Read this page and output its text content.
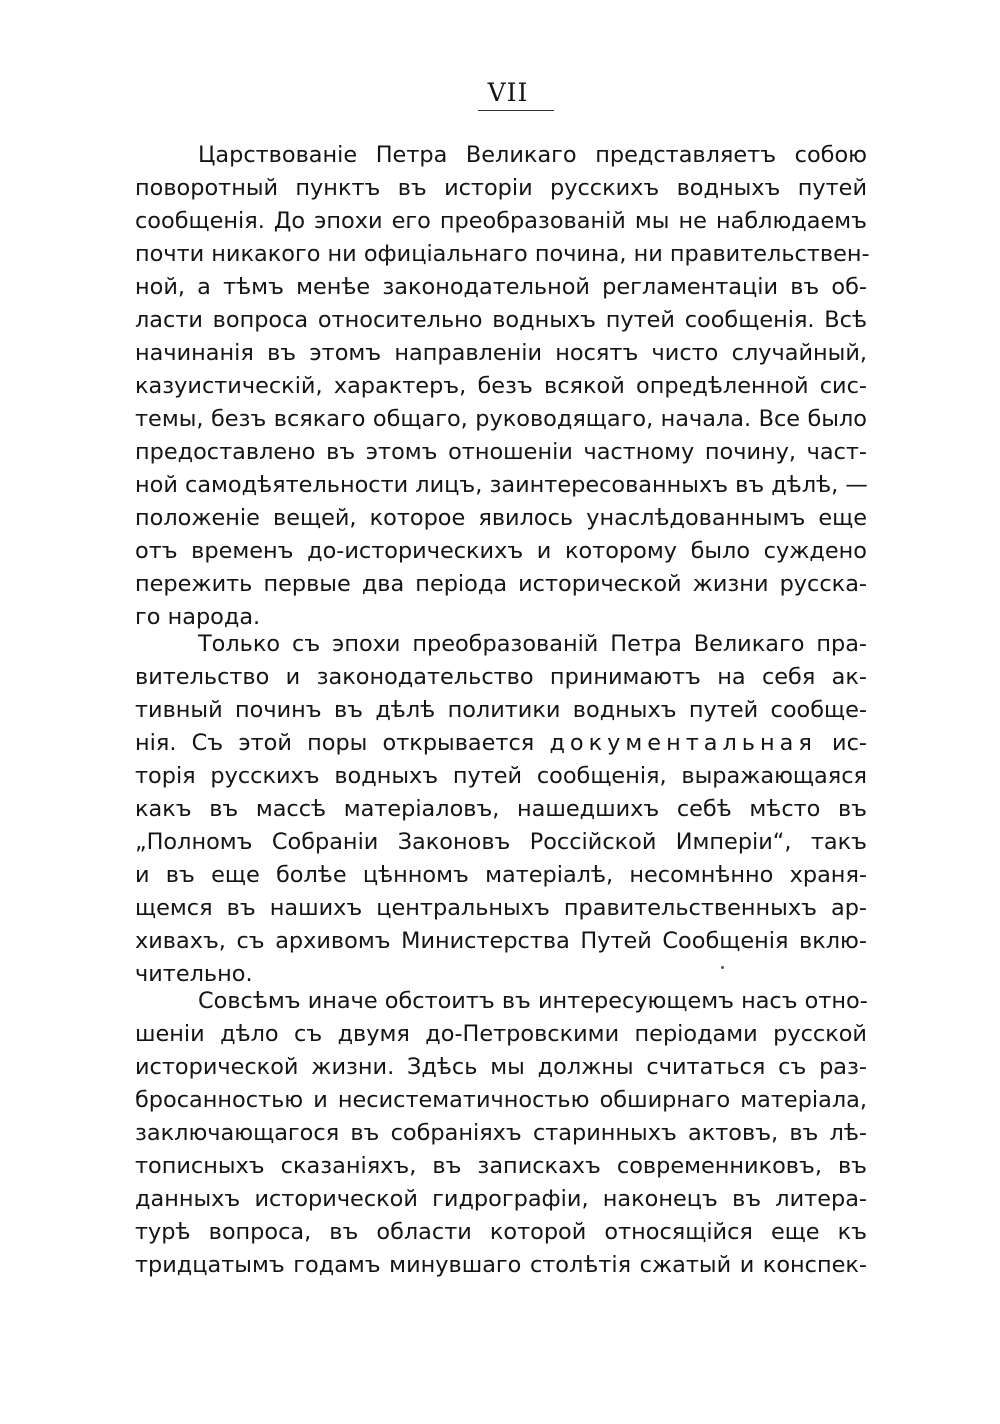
VII
Царствованіе Петра Великаго представляетъ собою
поворотный пунктъ въ исторіи русскихъ водныхъ путей
сообщенія. До эпохи его преобразованій мы не наблюдаемъ
почти никакого ни офиціальнаго почина, ни правительствен-
ной, а тѣмъ менѣе законодательной регламентаціи въ об-
ласти вопроса относительно водныхъ путей сообщенія. Всѣ
начинанія въ этомъ направленіи носятъ чисто случайный,
казуистическій, характеръ, безъ всякой опредѣленной сис-
темы, безъ всякаго общаго, руководящаго, начала. Все было
предоставлено въ этомъ отношеніи частному почину, част-
ной самодѣятельности лицъ, заинтересованныхъ въ дѣлѣ, —
положеніе вещей, которое явилось унаслѣдованнымъ еще
отъ временъ до-историческихъ и которому было суждено
пережить первые два періода исторической жизни русска-
го народа.
Только съ эпохи преобразованій Петра Великаго пра-
вительство и законодательство принимаютъ на себя ак-
тивный починъ въ дѣлѣ политики водныхъ путей сообще-
нія. Съ этой поры открывается документальная ис-
торія русскихъ водныхъ путей сообщенія, выражающаяся
какъ въ массѣ матеріаловъ, нашедшихъ себѣ мѣсто въ
„Полномъ Собраніи Законовъ Россійской Имперіи“, такъ
и въ еще болѣе цѣнномъ матеріалѣ, несомнѣнно храня-
щемся въ нашихъ центральныхъ правительственныхъ ар-
хивахъ, съ архивомъ Министерства Путей Сообщенія вклю-
чительно.
Совсѣмъ иначе обстоитъ въ интересующемъ насъ отно-
шеніи дѣло съ двумя до-Петровскими періодами русской
исторической жизни. Здѣсь мы должны считаться съ раз-
бросанностью и несистематичностью обширнаго матеріала,
заключающагося въ собраніяхъ старинныхъ актовъ, въ лѣ-
тописныхъ сказаніяхъ, въ запискахъ современниковъ, въ
данныхъ исторической гидрографіи, наконецъ въ литера-
турѣ вопроса, въ области которой относящійся еще къ
тридцатымъ годамъ минувшаго столѣтія сжатый и конспек-
